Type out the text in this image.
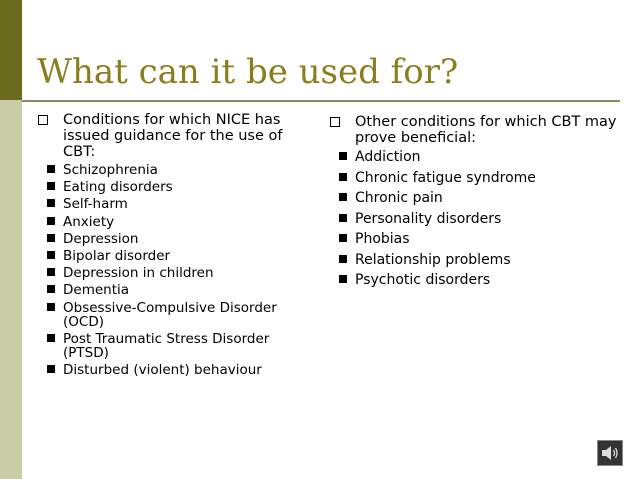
What can it be used for?
Conditions for which NICE has issued guidance for the use of CBT:
Schizophrenia
Eating disorders
Self-harm
Anxiety
Depression
Bipolar disorder
Depression in children
Dementia
Obsessive-Compulsive Disorder (OCD)
Post Traumatic Stress Disorder (PTSD)
Disturbed (violent) behaviour
Other conditions for which CBT may prove beneficial:
Addiction
Chronic fatigue syndrome
Chronic pain
Personality disorders
Phobias
Relationship problems
Psychotic disorders
